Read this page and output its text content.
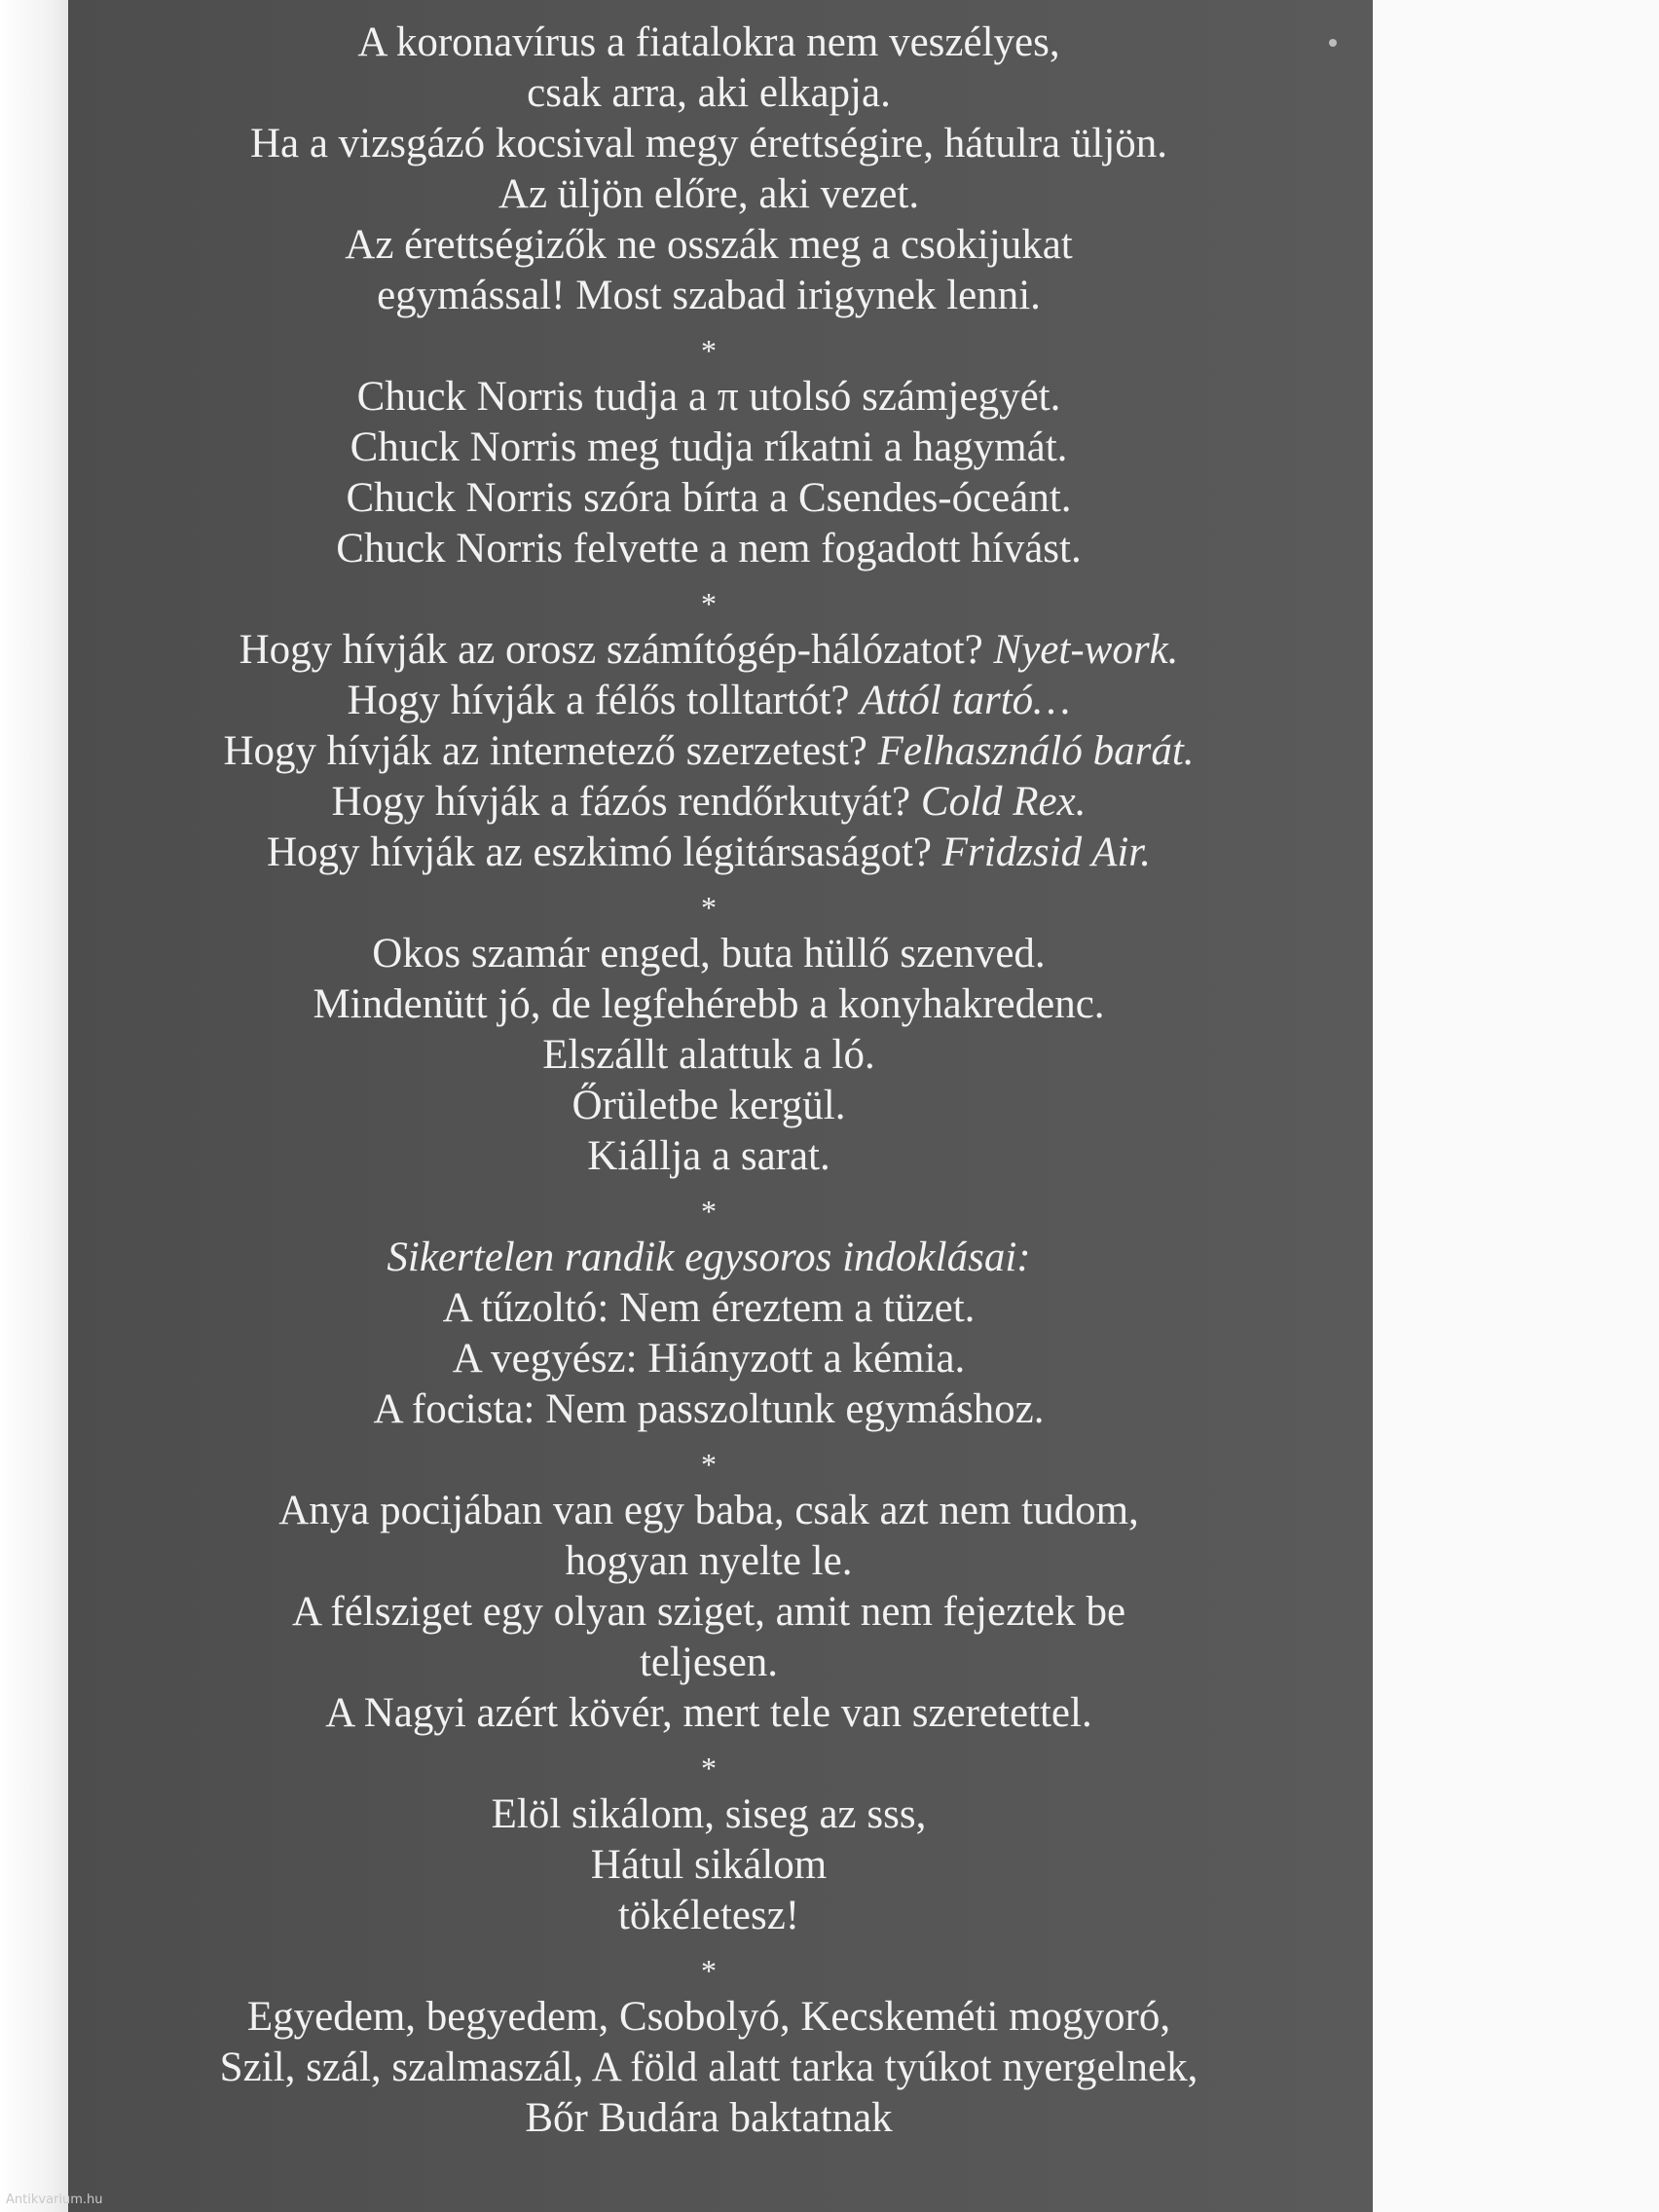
A koronavírus a fiatalokra nem veszélyes,
csak arra, aki elkapja.
Ha a vizsgázó kocsival megy érettségire, hátulra üljön.
Az üljön előre, aki vezet.
Az érettségizők ne osszák meg a csokijukat
egymással! Most szabad irigynek lenni.
*
Chuck Norris tudja a π utolsó számjegyét.
Chuck Norris meg tudja ríkatni a hagymát.
Chuck Norris szóra bírta a Csendes-óceánt.
Chuck Norris felvette a nem fogadott hívást.
*
Hogy hívják az orosz számítógép-hálózatot? Nyet-work.
Hogy hívják a félős tolltartót? Attól tartó…
Hogy hívják az internetező szerzetest? Felhasználó barát.
Hogy hívják a fázós rendőrkutyát? Cold Rex.
Hogy hívják az eszkimó légitársaságot? Fridzsid Air.
*
Okos szamár enged, buta hüllő szenved.
Mindenütt jó, de legfehérebb a konyhakredenc.
Elszállt alattuk a ló.
Őrületbe kergül.
Kiállja a sarat.
*
Sikertelen randik egysoros indoklásai:
A tűzoltó: Nem éreztem a tüzet.
A vegyész: Hiányzott a kémia.
A focista: Nem passzoltunk egymáshoz.
*
Anya pocijában van egy baba, csak azt nem tudom,
hogyan nyelte le.
A félsziget egy olyan sziget, amit nem fejeztek be
teljesen.
A Nagyi azért kövér, mert tele van szeretettel.
*
Elöl sikálom, siseg az sss,
Hátul sikálom
tökéletesz!
*
Egyedem, begyedem, Csobolyó, Kecskeméti mogyoró,
Szil, szál, szalmaszál, A föld alatt tarka tyúkot nyergelnek,
Bőr Budára baktatnak
Antikvarium.hu
